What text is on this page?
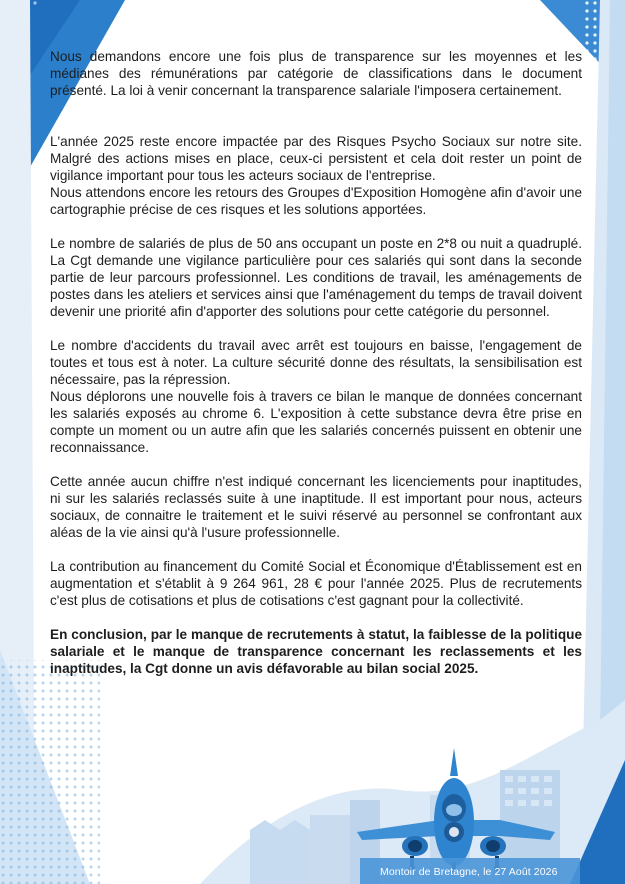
Nous demandons encore une fois plus de transparence sur les moyennes et les médianes des rémunérations par catégorie de classifications dans le document présenté. La loi à venir concernant la transparence salariale l'imposera certainement.

L'année 2025 reste encore impactée par des Risques Psycho Sociaux sur notre site. Malgré des actions mises en place, ceux-ci persistent et cela doit rester un point de vigilance important pour tous les acteurs sociaux de l'entreprise.

Nous attendons encore les retours des Groupes d'Exposition Homogène afin d'avoir une cartographie précise de ces risques et les solutions apportées.

Le nombre de salariés de plus de 50 ans occupant un poste en 2*8 ou nuit a quadruplé. La Cgt demande une vigilance particulière pour ces salariés qui sont dans la seconde partie de leur parcours professionnel. Les conditions de travail, les aménagements de postes dans les ateliers et services ainsi que l'aménagement du temps de travail doivent devenir une priorité afin d'apporter des solutions pour cette catégorie du personnel.

Le nombre d'accidents du travail avec arrêt est toujours en baisse, l'engagement de toutes et tous est à noter. La culture sécurité donne des résultats, la sensibilisation est nécessaire, pas la répression.

Nous déplorons une nouvelle fois à travers ce bilan le manque de données concernant les salariés exposés au chrome 6. L'exposition à cette substance devra être prise en compte un moment ou un autre afin que les salariés concernés puissent en obtenir une reconnaissance.

Cette année aucun chiffre n'est indiqué concernant les licenciements pour inaptitudes, ni sur les salariés reclassés suite à une inaptitude. Il est important pour nous, acteurs sociaux, de connaitre le traitement et le suivi réservé au personnel se confrontant aux aléas de la vie ainsi qu'à l'usure professionnelle.

La contribution au financement du Comité Social et Économique d'Établissement est en augmentation et s'établit à 9 264 961, 28 € pour l'année 2025. Plus de recrutements c'est plus de cotisations et plus de cotisations c'est gagnant pour la collectivité.

En conclusion, par le manque de recrutements à statut, la faiblesse de la politique salariale et le manque de transparence concernant les reclassements et les inaptitudes, la Cgt donne un avis défavorable au bilan social 2025.

Montoir de Bretagne, le 27 Août 2026
